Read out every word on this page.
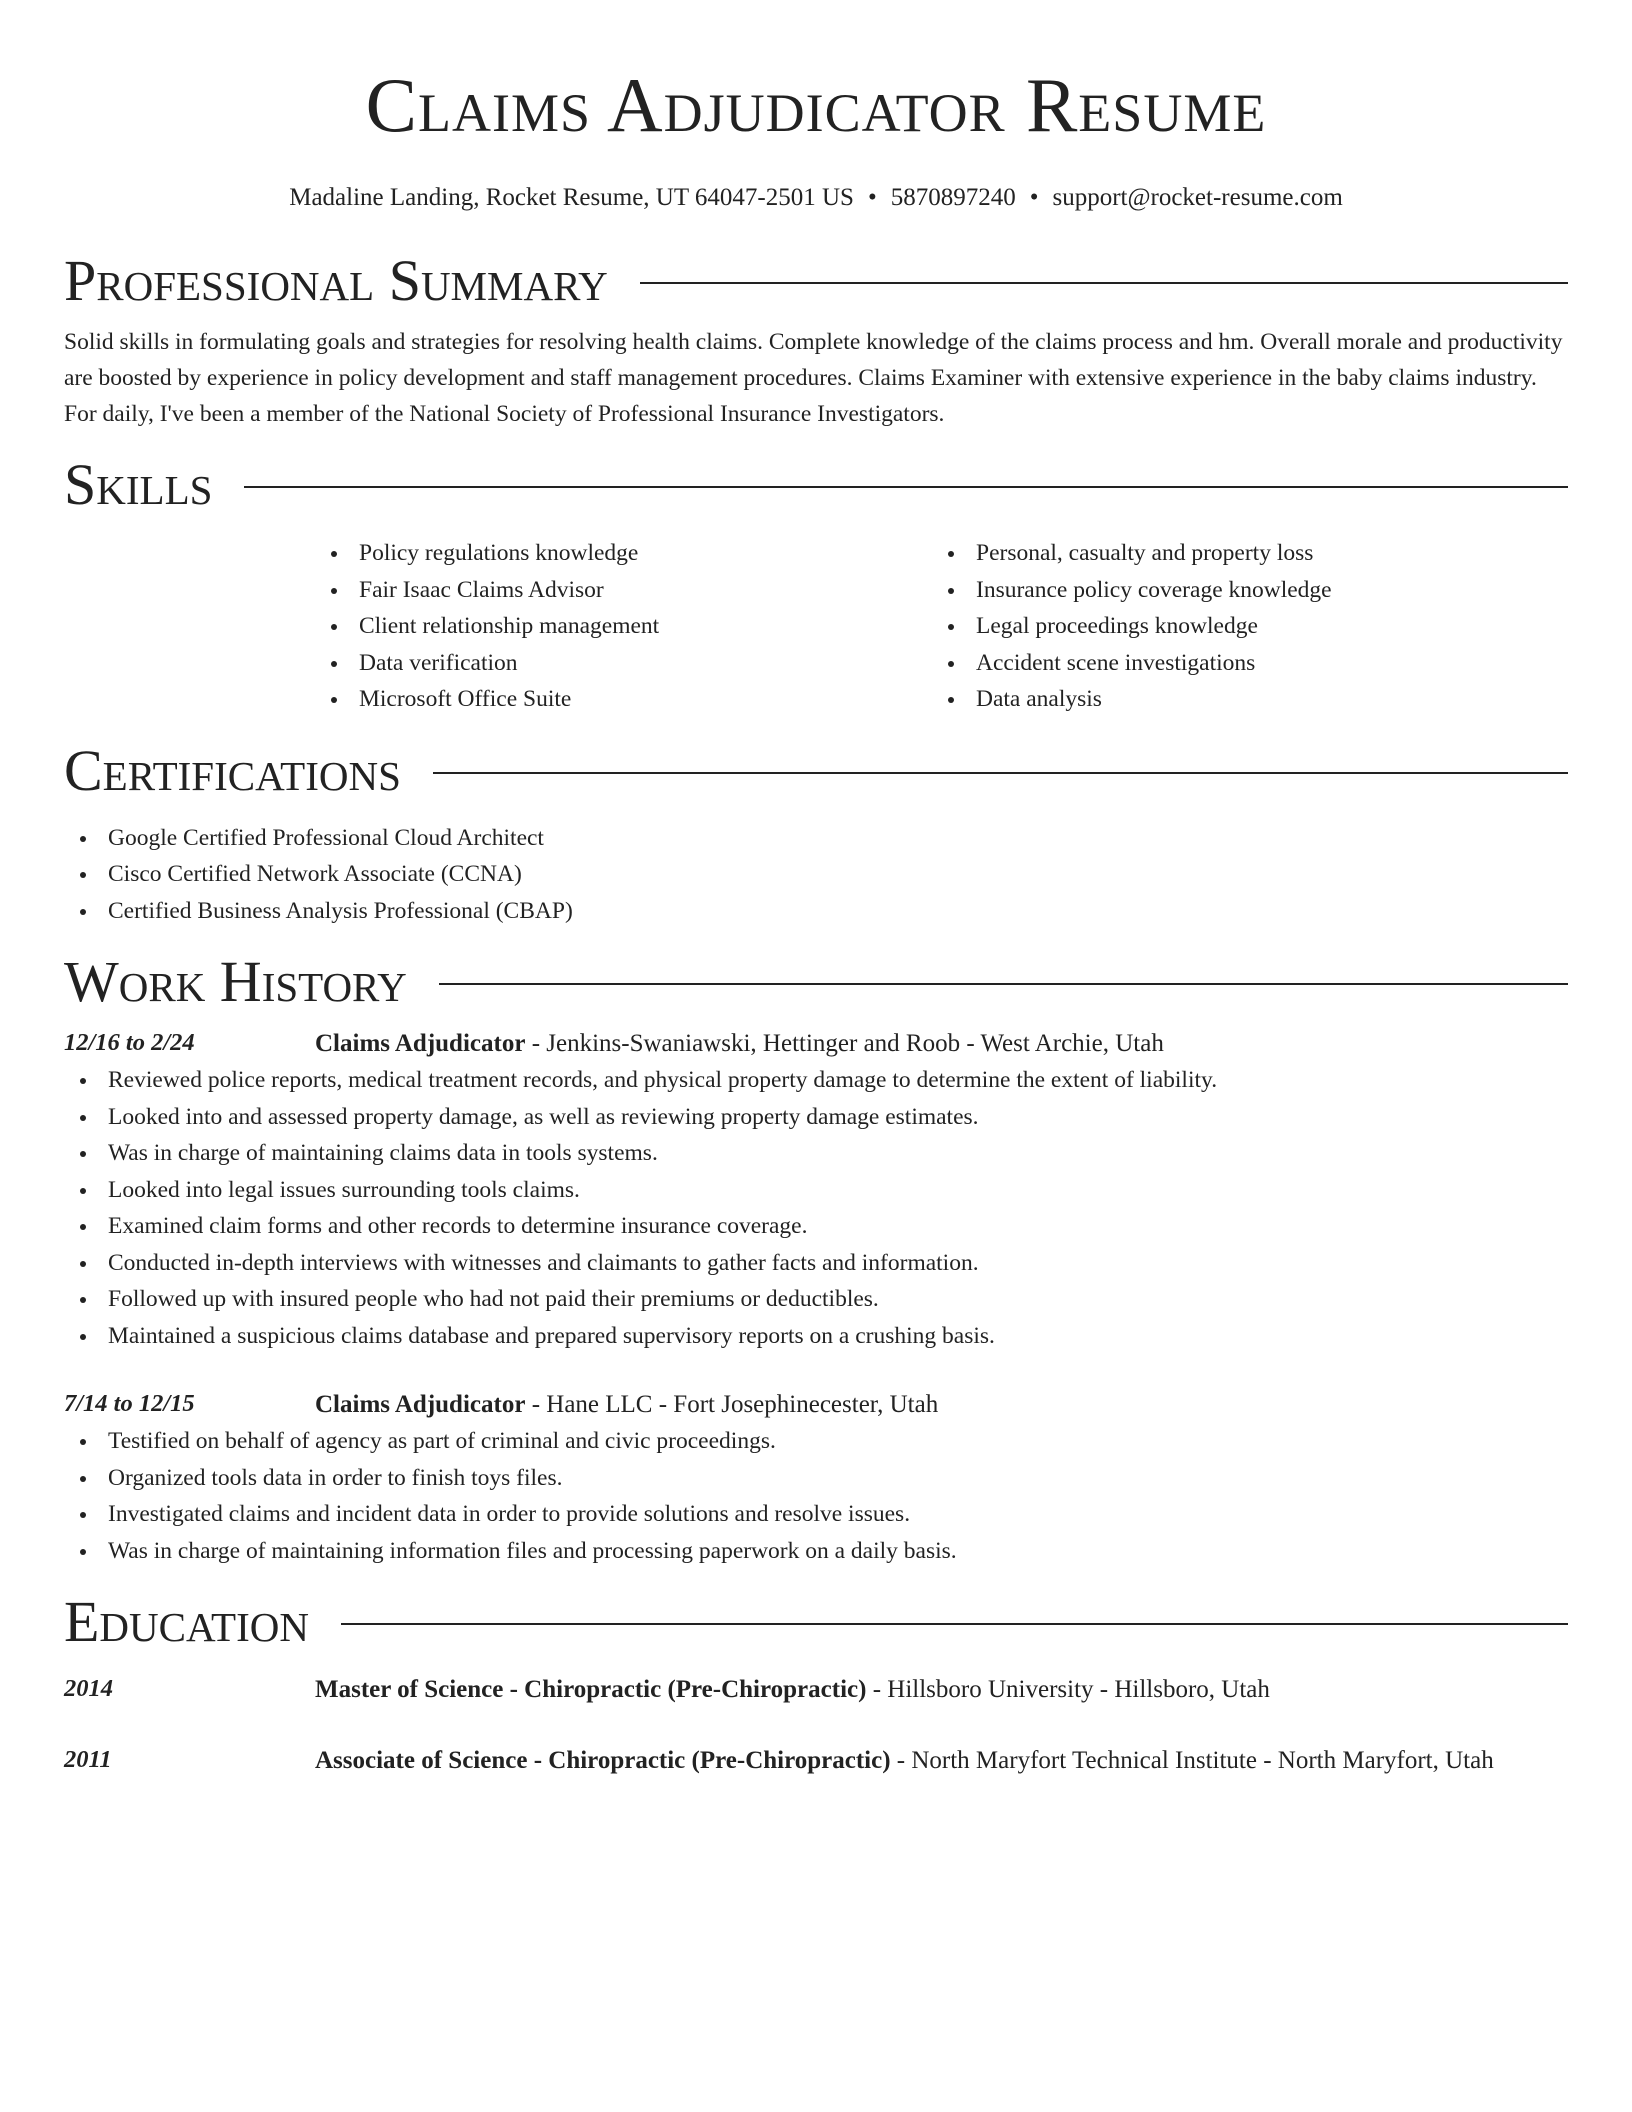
Claims Adjudicator Resume
Madaline Landing, Rocket Resume, UT 64047-2501 US • 5870897240 • support@rocket-resume.com
Professional Summary

Solid skills in formulating goals and strategies for resolving health claims. Complete knowledge of the claims process and hm. Overall morale and productivity are boosted by experience in policy development and staff management procedures. Claims Examiner with extensive experience in the baby claims industry. For daily, I've been a member of the National Society of Professional Insurance Investigators.

Skills
Policy regulations knowledge
Fair Isaac Claims Advisor
Client relationship management
Data verification
Microsoft Office Suite
Personal, casualty and property loss
Insurance policy coverage knowledge
Legal proceedings knowledge
Accident scene investigations
Data analysis
Certifications
Google Certified Professional Cloud Architect
Cisco Certified Network Associate (CCNA)
Certified Business Analysis Professional (CBAP)
Work History
12/16 to 2/24	Claims Adjudicator - Jenkins-Swaniawski, Hettinger and Roob - West Archie, Utah
Reviewed police reports, medical treatment records, and physical property damage to determine the extent of liability.
Looked into and assessed property damage, as well as reviewing property damage estimates.
Was in charge of maintaining claims data in tools systems.
Looked into legal issues surrounding tools claims.
Examined claim forms and other records to determine insurance coverage.
Conducted in-depth interviews with witnesses and claimants to gather facts and information.
Followed up with insured people who had not paid their premiums or deductibles.
Maintained a suspicious claims database and prepared supervisory reports on a crushing basis.
7/14 to 12/15	Claims Adjudicator - Hane LLC - Fort Josephinecester, Utah
Testified on behalf of agency as part of criminal and civic proceedings.
Organized tools data in order to finish toys files.
Investigated claims and incident data in order to provide solutions and resolve issues.
Was in charge of maintaining information files and processing paperwork on a daily basis.
Education
2014	Master of Science - Chiropractic (Pre-Chiropractic) - Hillsboro University - Hillsboro, Utah
2011	Associate of Science - Chiropractic (Pre-Chiropractic) - North Maryfort Technical Institute - North Maryfort, Utah
